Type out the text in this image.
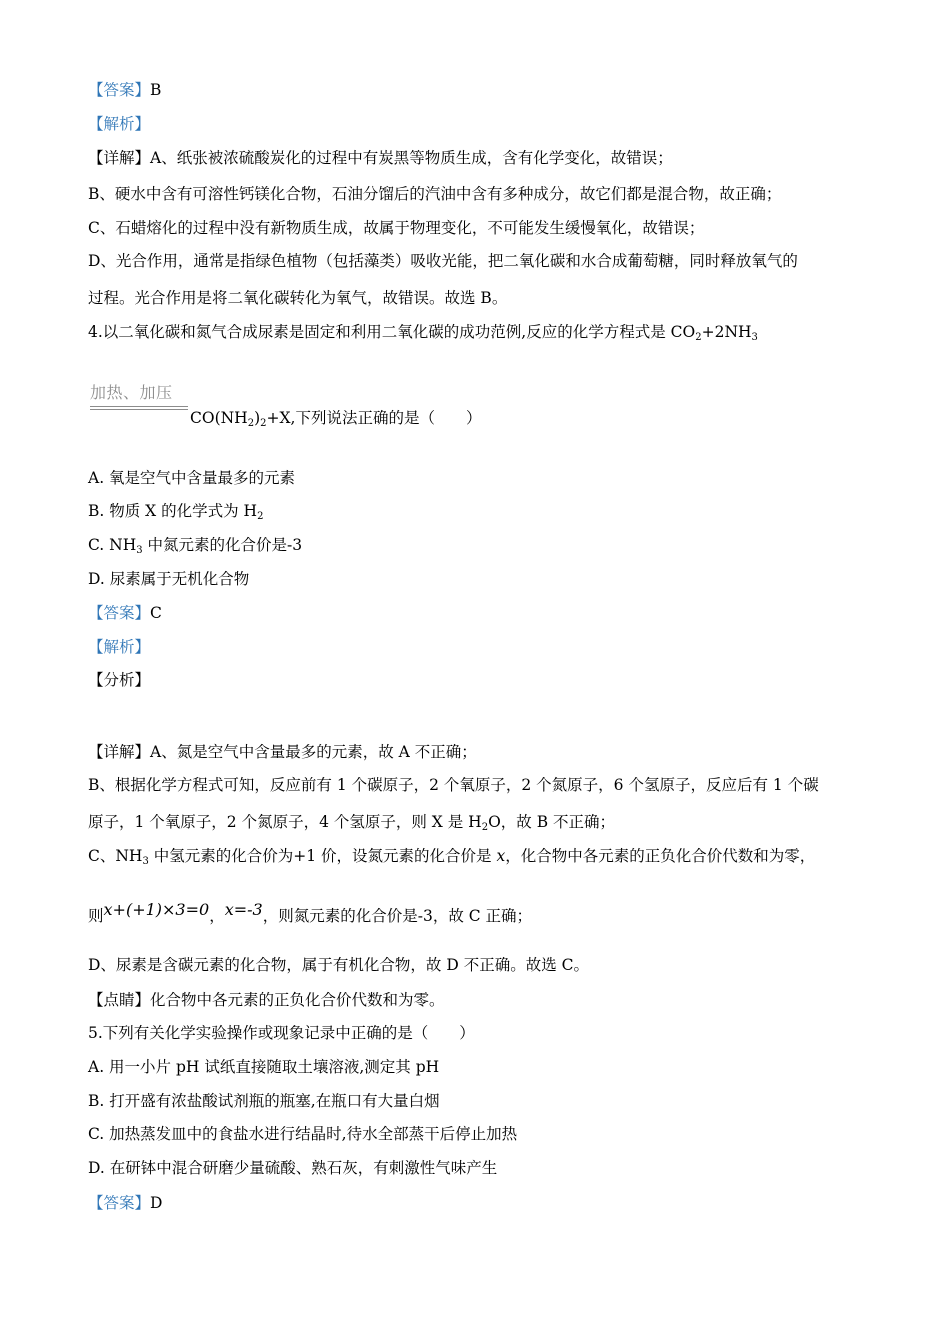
【答案】B
【解析】
【详解】A、纸张被浓硫酸炭化的过程中有炭黑等物质生成，含有化学变化，故错误；
B、硬水中含有可溶性钙镁化合物，石油分馏后的汽油中含有多种成分，故它们都是混合物，故正确；
C、石蜡熔化的过程中没有新物质生成，故属于物理变化，不可能发生缓慢氧化，故错误；
D、光合作用，通常是指绿色植物（包括藻类）吸收光能，把二氧化碳和水合成葡萄糖，同时释放氧气的
过程。光合作用是将二氧化碳转化为氧气，故错误。故选 B。
4.以二氧化碳和氮气合成尿素是固定和利用二氧化碳的成功范例,反应的化学方程式是 $CO_2+2NH_3$
加热、加压
$CO(NH_2)_2+X$,下列说法正确的是（　　）
A. 氧是空气中含量最多的元素
B. 物质 X 的化学式为 $H_2$
C. $NH_3$ 中氮元素的化合价是-3
D. 尿素属于无机化合物
【答案】C
【解析】
【分析】
【详解】A、氮是空气中含量最多的元素，故 A 不正确；
B、根据化学方程式可知，反应前有 1 个碳原子，2 个氧原子，2 个氮原子，6 个氢原子，反应后有 1 个碳
原子，1 个氧原子，2 个氮原子，4 个氢原子，则 X 是 $H_2O$，故 B 不正确；
C、$NH_3$ 中氢元素的化合价为+1 价，设氮元素的化合价是 x，化合物中各元素的正负化合价代数和为零，
则x+(+1)×3=0，x=-3，则氮元素的化合价是-3，故 C 正确；
D、尿素是含碳元素的化合物，属于有机化合物，故 D 不正确。故选 C。
【点睛】化合物中各元素的正负化合价代数和为零。
5.下列有关化学实验操作或现象记录中正确的是（　　）
A. 用一小片 pH 试纸直接随取土壤溶液,测定其 pH
B. 打开盛有浓盐酸试剂瓶的瓶塞,在瓶口有大量白烟
C. 加热蒸发皿中的食盐水进行结晶时,待水全部蒸干后停止加热
D. 在研钵中混合研磨少量硫酸、熟石灰，有刺激性气味产生
【答案】D
